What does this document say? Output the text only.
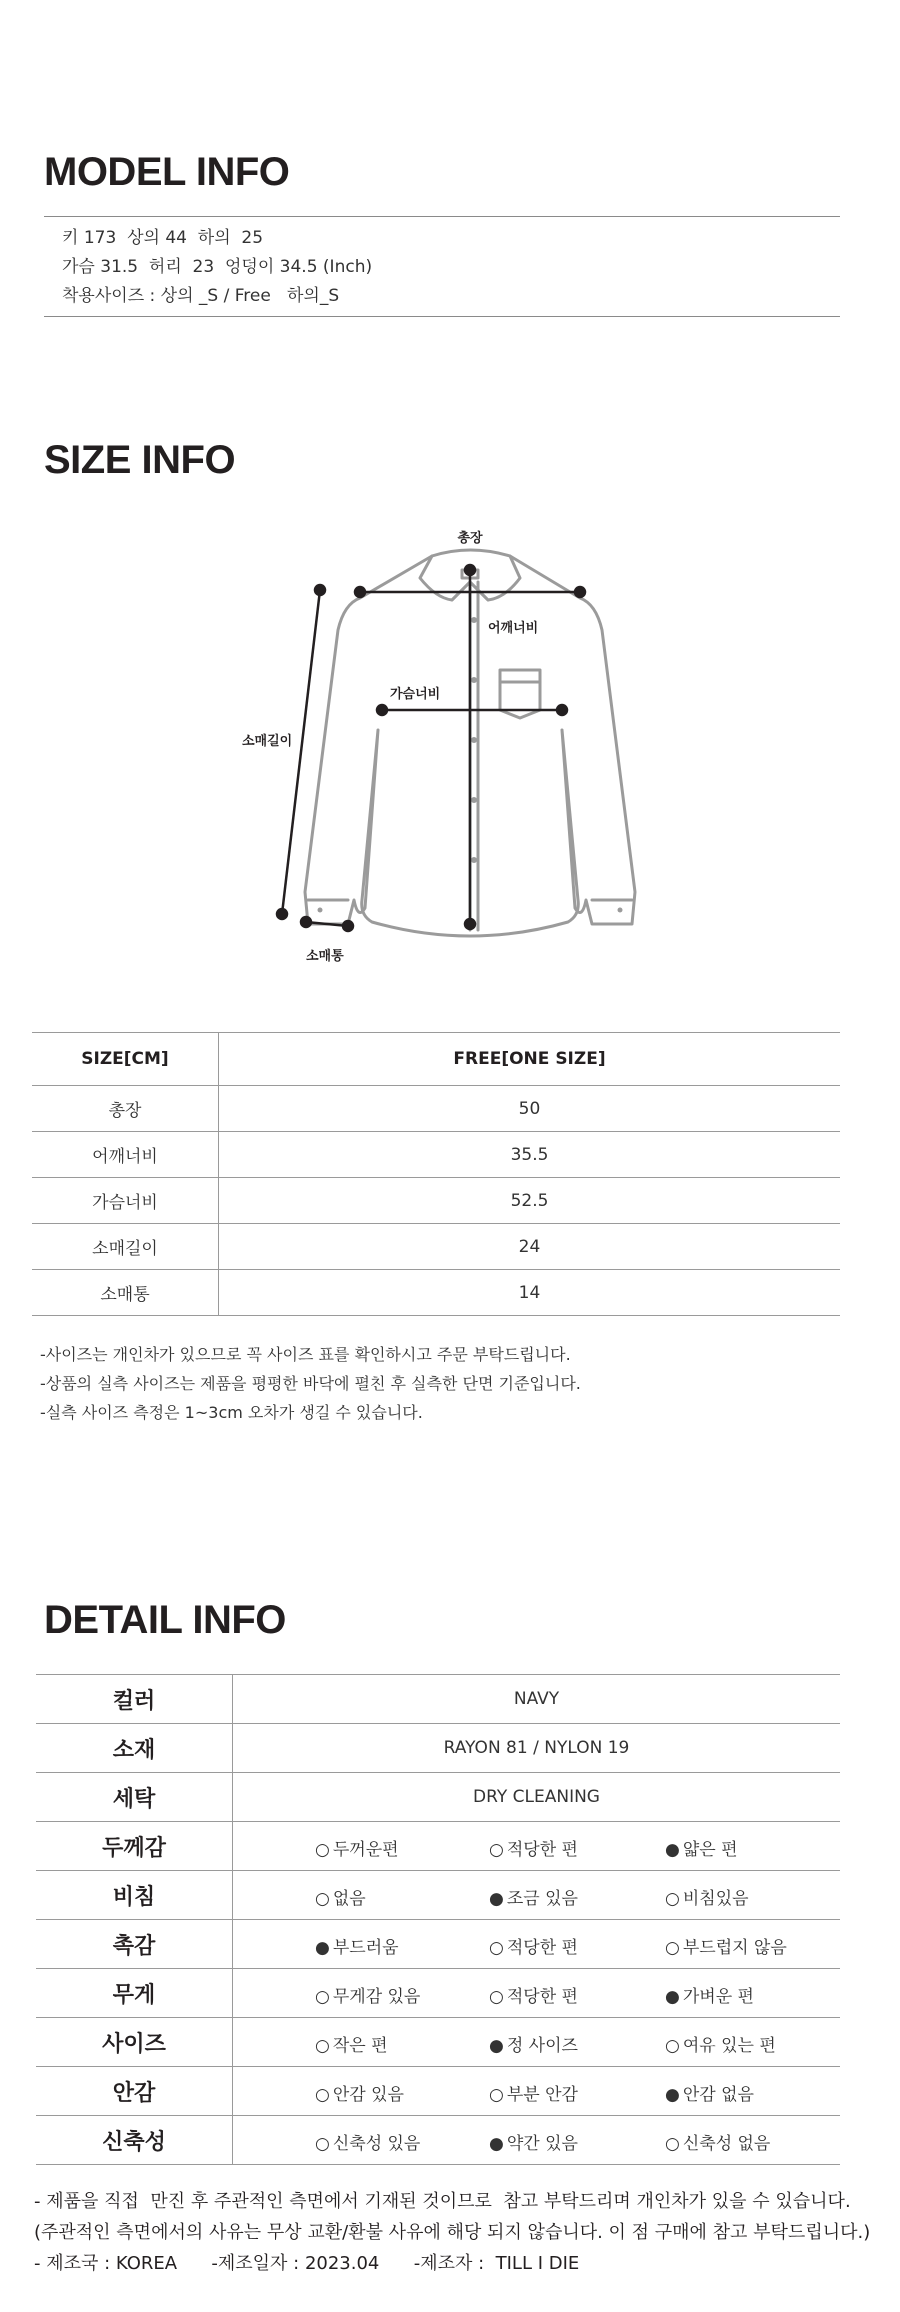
MODEL INFO
키 173  상의 44  하의  25
가슴 31.5  허리  23  엉덩이 34.5 (Inch)
착용사이즈 : 상의 _S / Free   하의_S
SIZE INFO
총장
어깨너비
가슴너비
소매길이
소매통
SIZE[CM]	FREE[ONE SIZE]
총장	50
어깨너비	35.5
가슴너비	52.5
소매길이	24
소매통	14
-사이즈는 개인차가 있으므로 꼭 사이즈 표를 확인하시고 주문 부탁드립니다.
-상품의 실측 사이즈는 제품을 평평한 바닥에 펼친 후 실측한 단면 기준입니다.
-실측 사이즈 측정은 1~3cm 오차가 생길 수 있습니다.
DETAIL INFO
컬러	NAVY
소재	RAYON 81 / NYLON 19
세탁	DRY CLEANING
두께감	○ 두꺼운편 ○ 적당한 편 ● 얇은 편

비침	○ 없음 ● 조금 있음 ○ 비침있음

촉감	● 부드러움 ○ 적당한 편 ○ 부드럽지 않음

무게	○ 무게감 있음 ○ 적당한 편 ● 가벼운 편

사이즈	○ 작은 편 ● 정 사이즈 ○ 여유 있는 편

안감	○ 안감 있음 ○ 부분 안감 ● 안감 없음

신축성	○ 신축성 있음 ● 약간 있음 ○ 신축성 없음
- 제품을 직접  만진 후 주관적인 측면에서 기재된 것이므로  참고 부탁드리며 개인차가 있을 수 있습니다.
(주관적인 측면에서의 사유는 무상 교환/환불 사유에 해당 되지 않습니다. 이 점 구매에 참고 부탁드립니다.)
- 제조국 : KOREA      -제조일자 : 2023.04      -제조자 :  TILL I DIE
